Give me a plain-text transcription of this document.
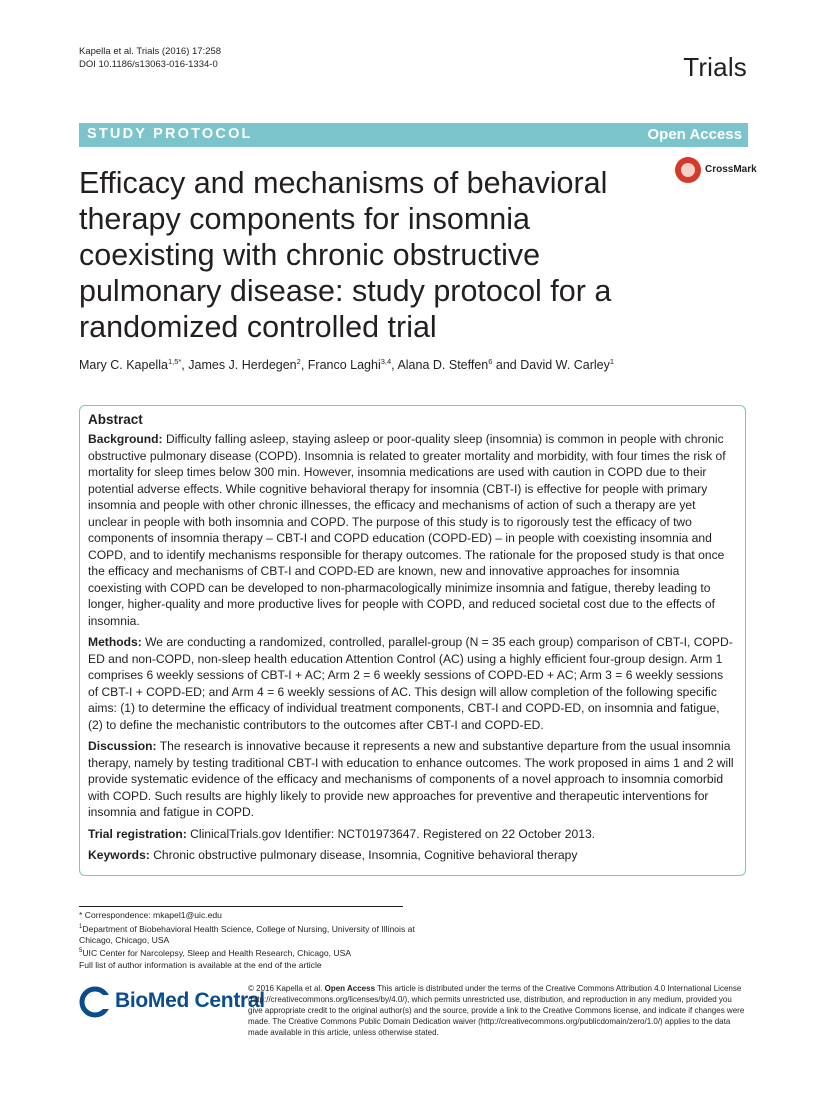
Kapella et al. Trials (2016) 17:258
DOI 10.1186/s13063-016-1334-0	Trials
STUDY PROTOCOL	Open Access
CrossMark
Efficacy and mechanisms of behavioral therapy components for insomnia coexisting with chronic obstructive pulmonary disease: study protocol for a randomized controlled trial
Mary C. Kapella$^{1,5*}$, James J. Herdegen$^2$, Franco Laghi$^{3,4}$, Alana D. Steffen$^6$ and David W. Carley$^1$
Abstract

Background: Difficulty falling asleep, staying asleep or poor-quality sleep (insomnia) is common in people with chronic obstructive pulmonary disease (COPD). Insomnia is related to greater mortality and morbidity, with four times the risk of mortality for sleep times below 300 min. However, insomnia medications are used with caution in COPD due to their potential adverse effects. While cognitive behavioral therapy for insomnia (CBT-I) is effective for people with primary insomnia and people with other chronic illnesses, the efficacy and mechanisms of action of such a therapy are yet unclear in people with both insomnia and COPD. The purpose of this study is to rigorously test the efficacy of two components of insomnia therapy – CBT-I and COPD education (COPD-ED) – in people with coexisting insomnia and COPD, and to identify mechanisms responsible for therapy outcomes. The rationale for the proposed study is that once the efficacy and mechanisms of CBT-I and COPD-ED are known, new and innovative approaches for insomnia coexisting with COPD can be developed to non-pharmacologically minimize insomnia and fatigue, thereby leading to longer, higher-quality and more productive lives for people with COPD, and reduced societal cost due to the effects of insomnia.

Methods: We are conducting a randomized, controlled, parallel-group (N = 35 each group) comparison of CBT-I, COPD-ED and non-COPD, non-sleep health education Attention Control (AC) using a highly efficient four-group design. Arm 1 comprises 6 weekly sessions of CBT-I + AC; Arm 2 = 6 weekly sessions of COPD-ED + AC; Arm 3 = 6 weekly sessions of CBT-I + COPD-ED; and Arm 4 = 6 weekly sessions of AC. This design will allow completion of the following specific aims: (1) to determine the efficacy of individual treatment components, CBT-I and COPD-ED, on insomnia and fatigue, (2) to define the mechanistic contributors to the outcomes after CBT-I and COPD-ED.

Discussion: The research is innovative because it represents a new and substantive departure from the usual insomnia therapy, namely by testing traditional CBT-I with education to enhance outcomes. The work proposed in aims 1 and 2 will provide systematic evidence of the efficacy and mechanisms of components of a novel approach to insomnia comorbid with COPD. Such results are highly likely to provide new approaches for preventive and therapeutic interventions for insomnia and fatigue in COPD.

Trial registration: ClinicalTrials.gov Identifier: NCT01973647. Registered on 22 October 2013.

Keywords: Chronic obstructive pulmonary disease, Insomnia, Cognitive behavioral therapy

* Correspondence: mkapel1@uic.edu
$^1$Department of Biobehavioral Health Science, College of Nursing, University of Illinois at Chicago, Chicago, USA
$^5$UIC Center for Narcolepsy, Sleep and Health Research, Chicago, USA
Full list of author information is available at the end of the article
BioMed Central
© 2016 Kapella et al. Open Access This article is distributed under the terms of the Creative Commons Attribution 4.0 International License (http://creativecommons.org/licenses/by/4.0/), which permits unrestricted use, distribution, and reproduction in any medium, provided you give appropriate credit to the original author(s) and the source, provide a link to the Creative Commons license, and indicate if changes were made. The Creative Commons Public Domain Dedication waiver (http://creativecommons.org/publicdomain/zero/1.0/) applies to the data made available in this article, unless otherwise stated.
